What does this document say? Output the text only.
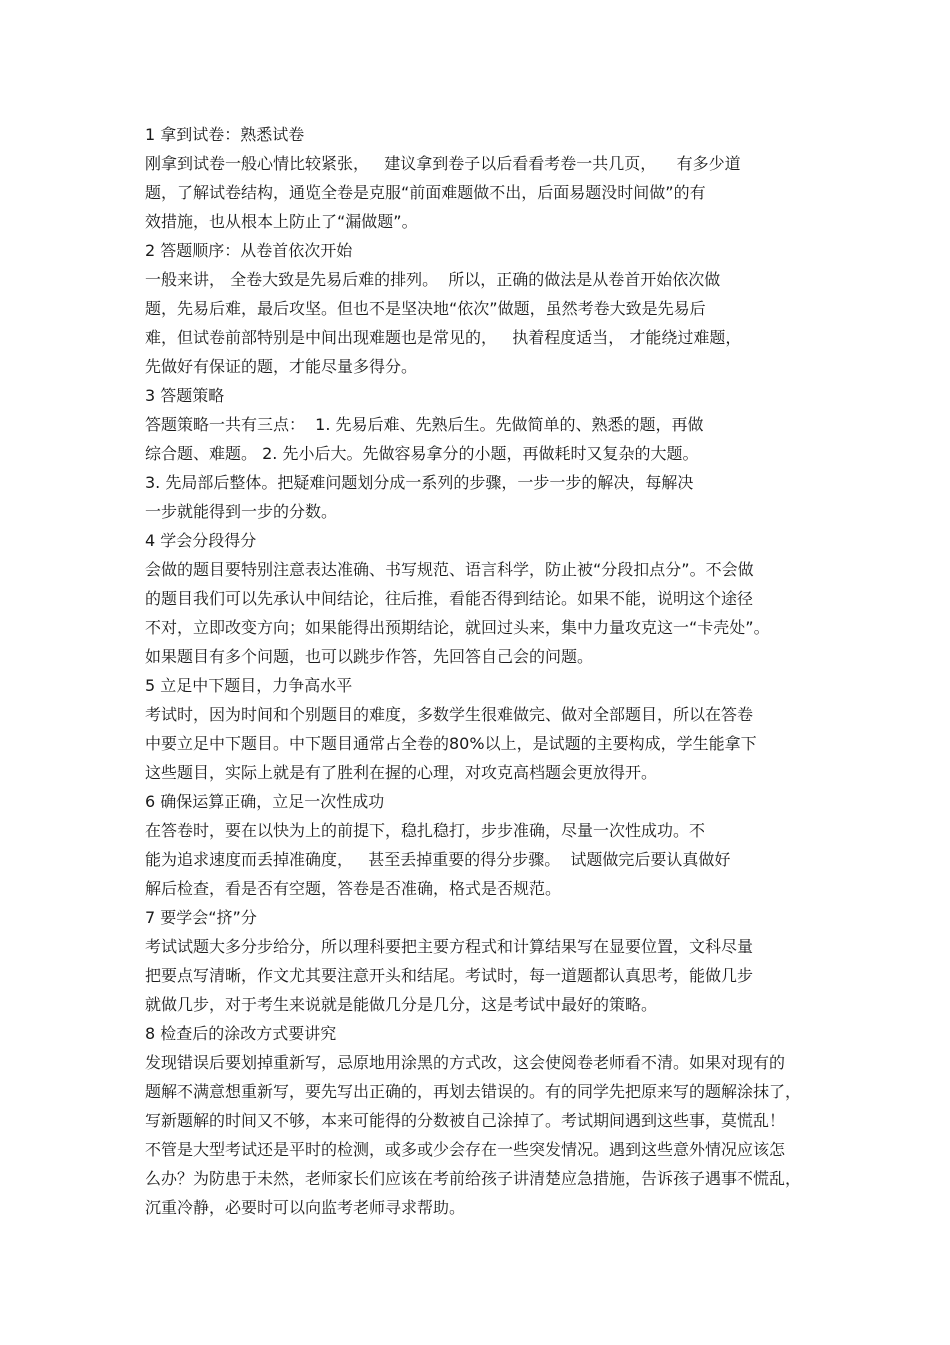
1 拿到试卷：熟悉试卷
刚拿到试卷一般心情比较紧张，   建议拿到卷子以后看看考卷一共几页，    有多少道
题，了解试卷结构，通览全卷是克服“前面难题做不出，后面易题没时间做”的有
效措施，也从根本上防止了“漏做题”。
2 答题顺序：从卷首依次开始
一般来讲， 全卷大致是先易后难的排列。  所以，正确的做法是从卷首开始依次做
题，先易后难，最后攻坚。但也不是坚决地“依次”做题，虽然考卷大致是先易后
难，但试卷前部特别是中间出现难题也是常见的，   执着程度适当， 才能绕过难题，
先做好有保证的题，才能尽量多得分。
3 答题策略
答题策略一共有三点：  1. 先易后难、先熟后生。先做简单的、熟悉的题，再做
综合题、难题。 2. 先小后大。先做容易拿分的小题，再做耗时又复杂的大题。
3. 先局部后整体。把疑难问题划分成一系列的步骤，一步一步的解决，每解决
一步就能得到一步的分数。
4 学会分段得分
会做的题目要特别注意表达准确、书写规范、语言科学，防止被“分段扣点分”。不会做
的题目我们可以先承认中间结论，往后推，看能否得到结论。如果不能，说明这个途径
不对，立即改变方向；如果能得出预期结论，就回过头来，集中力量攻克这一“卡壳处”。
如果题目有多个问题，也可以跳步作答，先回答自己会的问题。
5 立足中下题目，力争高水平
考试时，因为时间和个别题目的难度，多数学生很难做完、做对全部题目，所以在答卷
中要立足中下题目。中下题目通常占全卷的80%以上，是试题的主要构成，学生能拿下
这些题目，实际上就是有了胜利在握的心理，对攻克高档题会更放得开。
6 确保运算正确，立足一次性成功
在答卷时，要在以快为上的前提下，稳扎稳打，步步准确，尽量一次性成功。不
能为追求速度而丢掉准确度，   甚至丢掉重要的得分步骤。  试题做完后要认真做好
解后检查，看是否有空题，答卷是否准确，格式是否规范。
7 要学会“挤”分
考试试题大多分步给分，所以理科要把主要方程式和计算结果写在显要位置，文科尽量
把要点写清晰，作文尤其要注意开头和结尾。考试时，每一道题都认真思考，能做几步
就做几步，对于考生来说就是能做几分是几分，这是考试中最好的策略。
8 检查后的涂改方式要讲究
发现错误后要划掉重新写，忌原地用涂黑的方式改，这会使阅卷老师看不清。如果对现有的
题解不满意想重新写，要先写出正确的，再划去错误的。有的同学先把原来写的题解涂抹了，
写新题解的时间又不够，本来可能得的分数被自己涂掉了。考试期间遇到这些事，莫慌乱！
不管是大型考试还是平时的检测，或多或少会存在一些突发情况。遇到这些意外情况应该怎
么办？为防患于未然，老师家长们应该在考前给孩子讲清楚应急措施，告诉孩子遇事不慌乱，
沉重冷静，必要时可以向监考老师寻求帮助。
